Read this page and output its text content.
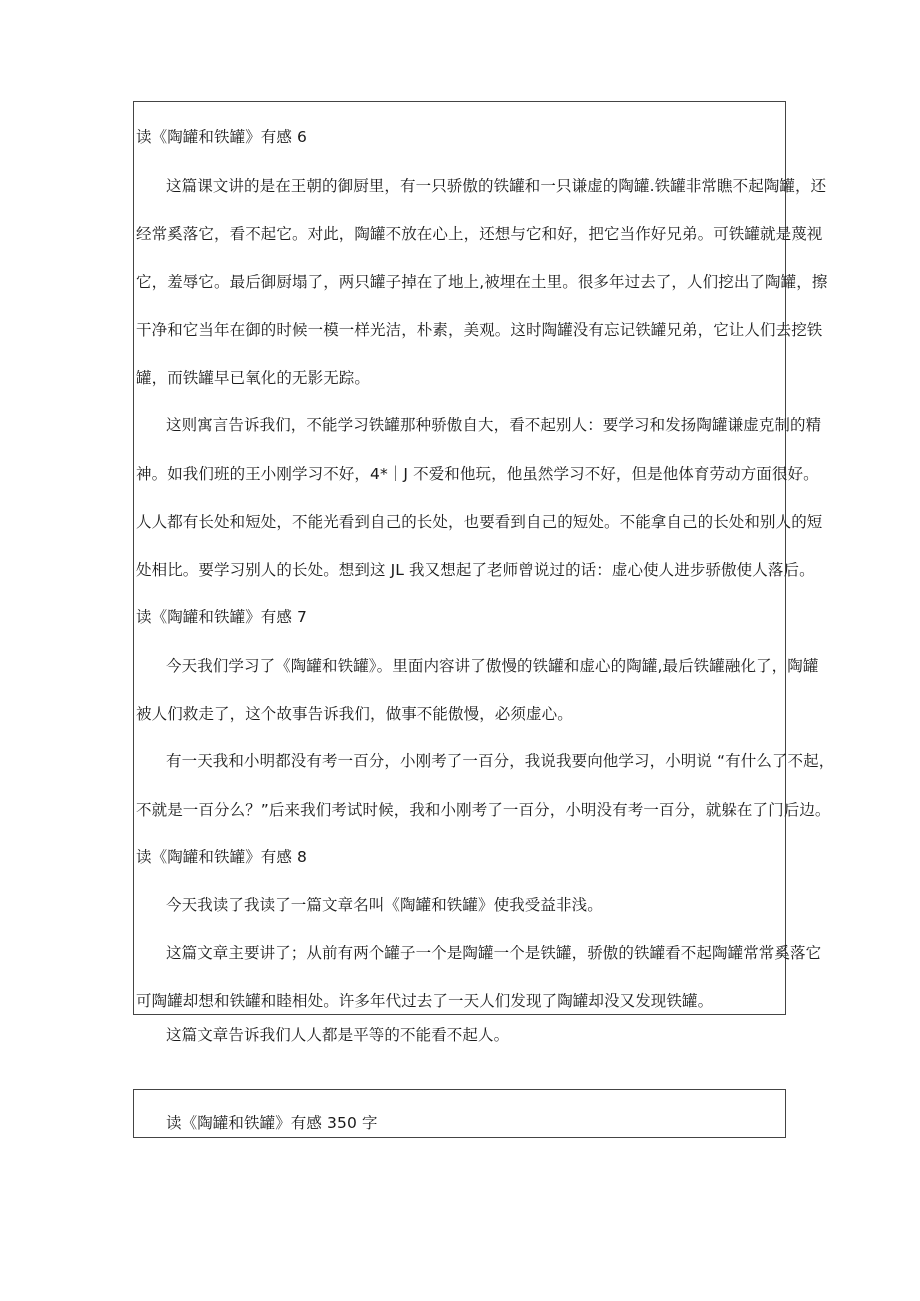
读《陶罐和铁罐》有感 6
这篇课文讲的是在王朝的御厨里，有一只骄傲的铁罐和一只谦虚的陶罐.铁罐非常瞧不起陶罐，还
经常奚落它，看不起它。对此，陶罐不放在心上，还想与它和好，把它当作好兄弟。可铁罐就是蔑视
它，羞辱它。最后御厨塌了，两只罐子掉在了地上,被埋在土里。很多年过去了，人们挖出了陶罐，擦
干净和它当年在御的时候一模一样光洁，朴素，美观。这时陶罐没有忘记铁罐兄弟，它让人们去挖铁
罐，而铁罐早已氧化的无影无踪。
这则寓言告诉我们，不能学习铁罐那种骄傲自大，看不起别人：要学习和发扬陶罐谦虚克制的精
神。如我们班的王小刚学习不好，4*｜J 不爱和他玩，他虽然学习不好，但是他体育劳动方面很好。
人人都有长处和短处，不能光看到自己的长处，也要看到自己的短处。不能拿自己的长处和别人的短
处相比。要学习别人的长处。想到这 JL 我又想起了老师曾说过的话：虚心使人进步骄傲使人落后。
读《陶罐和铁罐》有感 7
今天我们学习了《陶罐和铁罐》。里面内容讲了傲慢的铁罐和虚心的陶罐,最后铁罐融化了，陶罐
被人们救走了，这个故事告诉我们，做事不能傲慢，必须虚心。
有一天我和小明都没有考一百分，小刚考了一百分，我说我要向他学习，小明说 “有什么了不起，
不就是一百分么？”后来我们考试时候，我和小刚考了一百分，小明没有考一百分，就躲在了门后边。
读《陶罐和铁罐》有感 8
今天我读了我读了一篇文章名叫《陶罐和铁罐》使我受益非浅。
这篇文章主要讲了；从前有两个罐子一个是陶罐一个是铁罐，骄傲的铁罐看不起陶罐常常奚落它
可陶罐却想和铁罐和睦相处。许多年代过去了一天人们发现了陶罐却没又发现铁罐。
这篇文章告诉我们人人都是平等的不能看不起人。
读《陶罐和铁罐》有感 350 字
